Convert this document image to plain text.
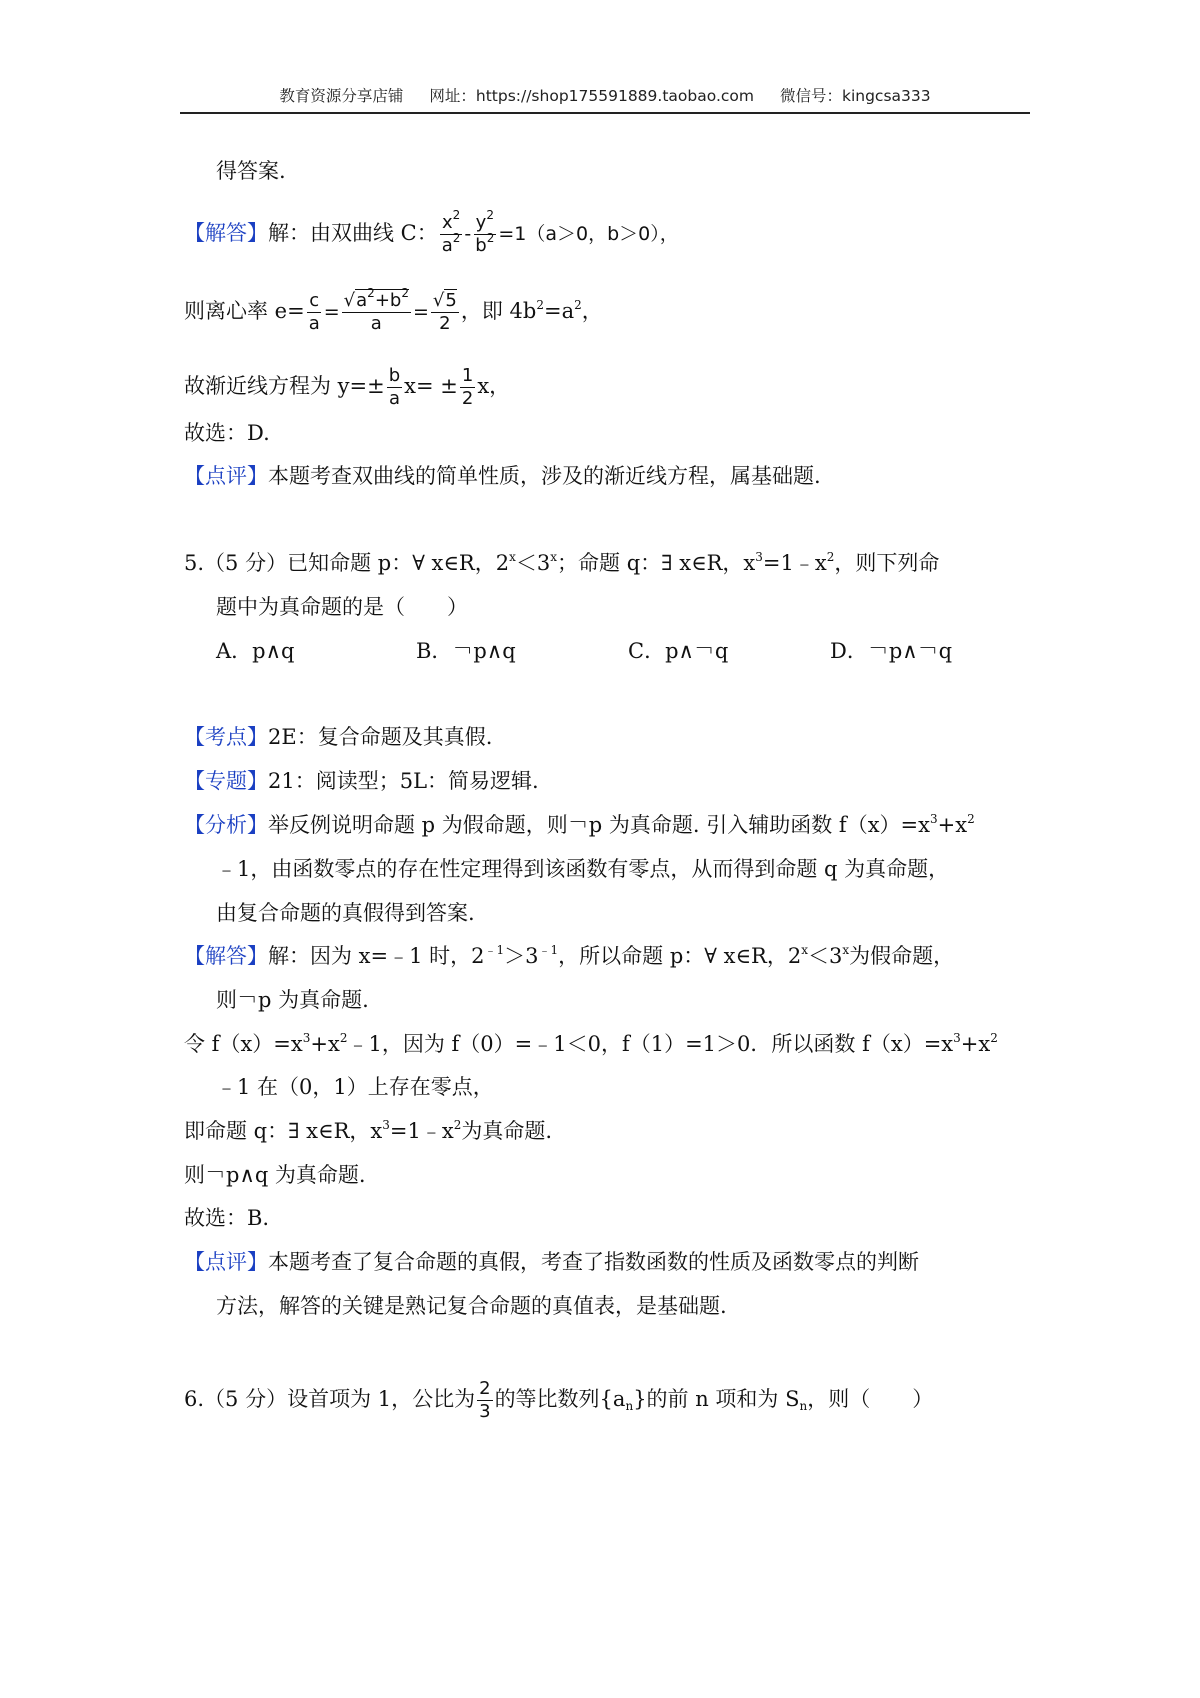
教育资源分享店铺 网址：https://shop175591889.taobao.com 微信号：kingcsa333
得答案.
【解答】解：由双曲线 C： $\frac{x^2}{a^2} - \frac{y^2}{b^2} =1(a>0$，b＞0），
则离心率 $e= \frac{c}{a} = \frac{√a^2+b^2}{a} = \frac{√5}{2}$ ，即 $4b^2=a^2$，
故渐近线方程为 $y=\pm \frac{b}{a} x= \pm \frac{1}{2}$ x，
故选：D.
【点评】本题考查双曲线的简单性质，涉及的渐近线方程，属基础题.
5.（5 分）已知命题 p：∀ x∈R，$2^x<3^x$；命题 q：∃ x∈R，$x^3=1﹣x^2$，则下列命
题中为真命题的是（　　）
A．p∧q	B．￢p∧q	C．p∧￢q	D．￢p∧￢q
【考点】2E：复合命题及其真假.
【专题】21：阅读型；5L：简易逻辑.
【分析】举反例说明命题 p 为假命题，则￢p 为真命题. 引入辅助函数 $f(x)=x^3+x^2$
﹣1，由函数零点的存在性定理得到该函数有零点，从而得到命题 q 为真命题，
由复合命题的真假得到答案.
【解答】解：因为 x=﹣1 时，$2^{﹣1}>3^{﹣1}$，所以命题 p：∀ x∈R，$2^x<3^x$为假命题，
则￢p 为真命题.
令 $f(x)=x^3+x^2﹣1$，因为 f（0）=﹣1＜0，f（1）=1＞0．所以函数 $f(x)=x^3+x^2$
﹣1 在（0，1）上存在零点，
即命题 q：∃ x∈R，$x^3=1﹣x^2$为真命题.
则￢p∧q 为真命题.
故选：B.
【点评】本题考查了复合命题的真假，考查了指数函数的性质及函数零点的判断
方法，解答的关键是熟记复合命题的真值表，是基础题.
6.（5 分）设首项为 1，公比为 $\frac{2}{3}$ 的等比数列$\{a_n\}$的前 n 项和为 $S_n$，则（　　）
